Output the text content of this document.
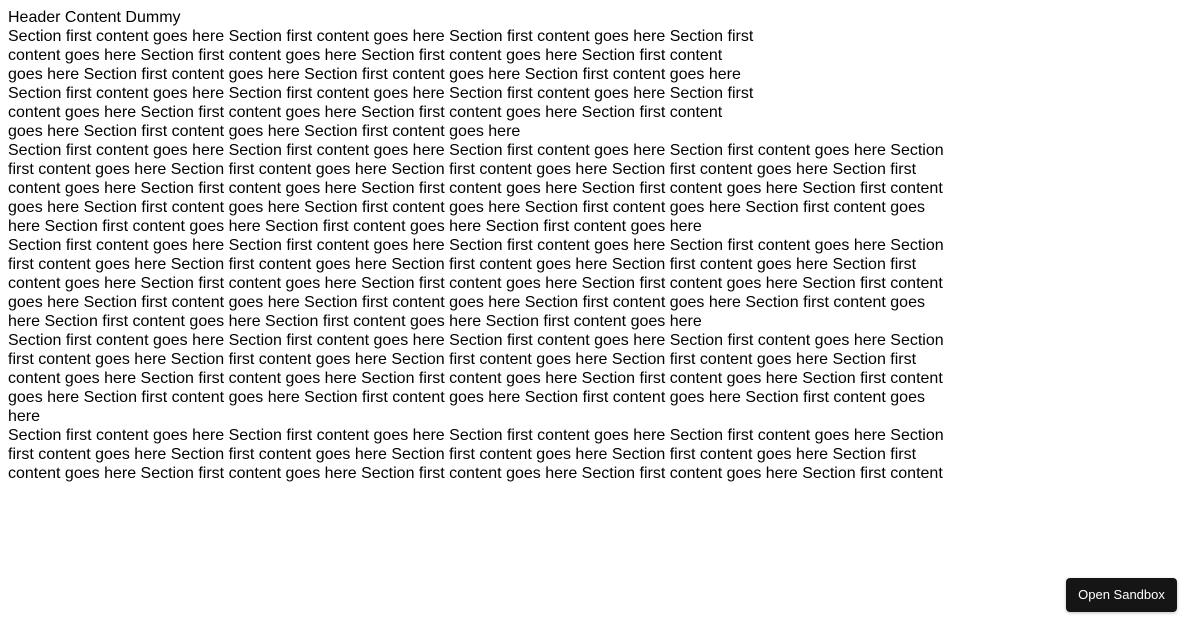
Header Content Dummy
Section first content goes here Section first content goes here Section first content goes here Section first content goes here Section first content goes here Section first content goes here Section first content goes here Section first content goes here Section first content goes here Section first content goes here Section first content goes here Section first content goes here Section first content goes here Section first content goes here Section first content goes here Section first content goes here Section first content goes here Section first content goes here Section first content goes here
Section first content goes here Section first content goes here Section first content goes here Section first content goes here Section first content goes here Section first content goes here Section first content goes here Section first content goes here Section first content goes here Section first content goes here Section first content goes here Section first content goes here Section first content goes here Section first content goes here Section first content goes here Section first content goes here Section first content goes here Section first content goes here Section first content goes here Section first content goes here
Section first content goes here Section first content goes here Section first content goes here Section first content goes here Section first content goes here Section first content goes here Section first content goes here Section first content goes here Section first content goes here Section first content goes here Section first content goes here Section first content goes here Section first content goes here Section first content goes here Section first content goes here Section first content goes here Section first content goes here Section first content goes here Section first content goes here Section first content goes here
Section first content goes here Section first content goes here Section first content goes here Section first content goes here Section
first content goes here Section first content goes here Section first content goes here Section first content goes here Section first
content goes here Section first content goes here Section first content goes here Section first content goes here Section first content
goes here Section first content goes here Section first content goes here Section first content goes here Section first content goes here
Section first content goes here Section first content goes here Section first content goes here Section first content goes here Section
first content goes here Section first content goes here Section first content goes here Section first content goes here Section first
content goes here Section first content goes here Section first content goes here Section first content goes here Section first content
Open Sandbox
